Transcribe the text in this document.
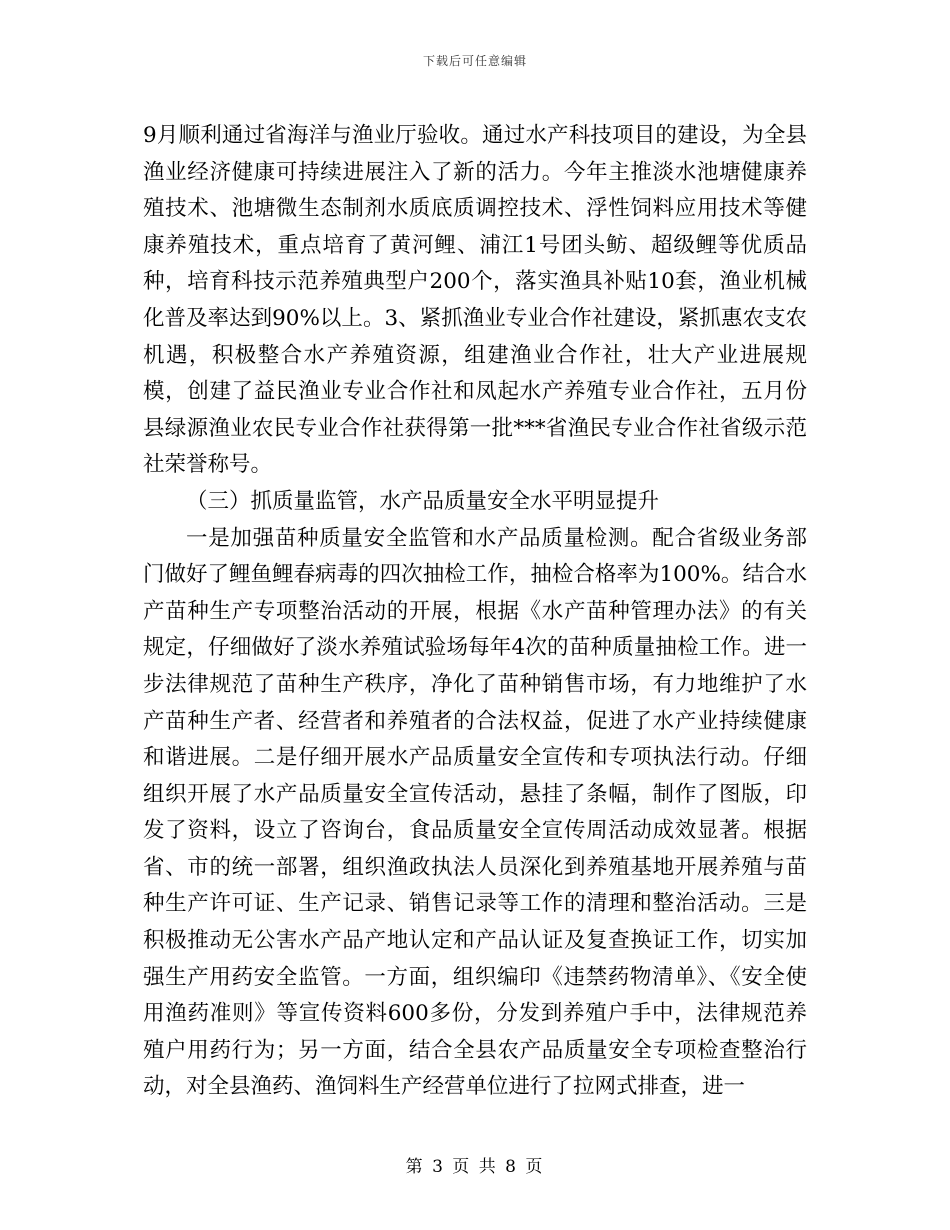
下载后可任意编辑

9月顺利通过省海洋与渔业厅验收。通过水产科技项目的建设，为全县渔业经济健康可持续进展注入了新的活力。今年主推淡水池塘健康养殖技术、池塘微生态制剂水质底质调控技术、浮性饲料应用技术等健康养殖技术，重点培育了黄河鲤、浦江1号团头鲂、超级鲤等优质品种，培育科技示范养殖典型户200个，落实渔具补贴10套，渔业机械化普及率达到90%以上。3、紧抓渔业专业合作社建设，紧抓惠农支农机遇，积极整合水产养殖资源，组建渔业合作社，壮大产业进展规模，创建了益民渔业专业合作社和凤起水产养殖专业合作社，五月份县绿源渔业农民专业合作社获得第一批***省渔民专业合作社省级示范社荣誉称号。

（三）抓质量监管，水产品质量安全水平明显提升

一是加强苗种质量安全监管和水产品质量检测。配合省级业务部门做好了鲤鱼鲤春病毒的四次抽检工作，抽检合格率为100%。结合水产苗种生产专项整治活动的开展，根据《水产苗种管理办法》的有关规定，仔细做好了淡水养殖试验场每年4次的苗种质量抽检工作。进一步法律规范了苗种生产秩序，净化了苗种销售市场，有力地维护了水产苗种生产者、经营者和养殖者的合法权益，促进了水产业持续健康和谐进展。二是仔细开展水产品质量安全宣传和专项执法行动。仔细组织开展了水产品质量安全宣传活动，悬挂了条幅，制作了图版，印发了资料，设立了咨询台，食品质量安全宣传周活动成效显著。根据省、市的统一部署，组织渔政执法人员深化到养殖基地开展养殖与苗种生产许可证、生产记录、销售记录等工作的清理和整治活动。三是积极推动无公害水产品产地认定和产品认证及复查换证工作，切实加强生产用药安全监管。一方面，组织编印《违禁药物清单》、《安全使用渔药准则》等宣传资料600多份，分发到养殖户手中，法律规范养殖户用药行为；另一方面，结合全县农产品质量安全专项检查整治行动，对全县渔药、渔饲料生产经营单位进行了拉网式排查，进一

第 3 页 共 8 页
